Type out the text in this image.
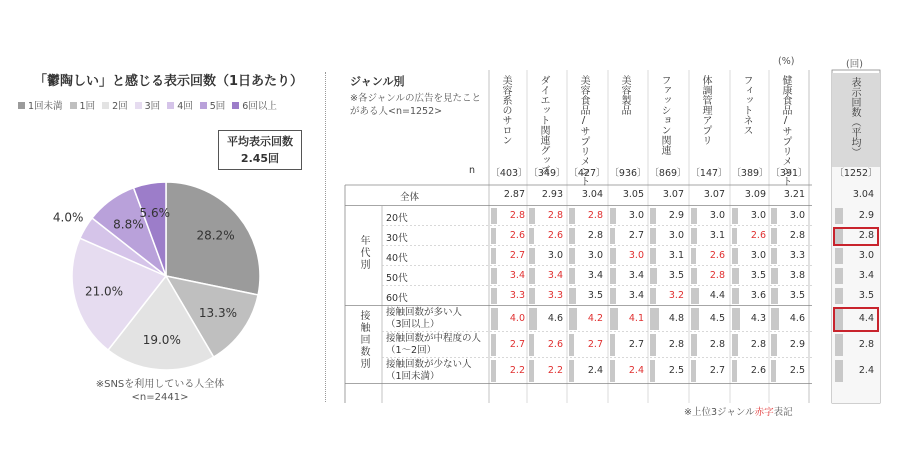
「鬱陶しい」と感じる表示回数（1日あたり）
1回未満 1回 2回 3回 4回 5回 6回以上
平均表示回数
2.45回
28.2%
13.3%
19.0%
21.0%
4.0% 8.8%
5.6%
※SNSを利用している人全体
<n=2441>
ジャンル別
※各ジャンルの広告を見たことがある人<n=1252>	美容系のサロン	ダイエット関連グッズ	美容食品/サプリメント	美容製品	ファッション関連	体調管理アプリ	フィットネス	健康食品/サプリメント	表示回数（平均）
(%)	(回)
n 〔403〕 〔349〕 〔427〕 〔936〕 〔869〕 〔147〕 〔389〕 〔391〕	〔1252〕
全体	2.87	2.93	3.04	3.05	3.07	3.07	3.09	3.21	3.04
20代	2.8	2.8	2.8	3.0	2.9	3.0	3.0	3.0	2.9
30代	2.6	2.6	2.8	2.7	3.0	3.1	2.6	2.8	2.8
40代	2.7	3.0	3.0	3.0	3.1	2.6	3.0	3.3	3.0
50代	3.4	3.4	3.4	3.4	3.5	2.8	3.5	3.8	3.4
60代	3.3	3.3	3.5	3.4	3.2	4.4	3.6	3.5	3.5
年代別
接触回数が多い人
（3回以上）
4.0	4.6	4.2	4.1	4.8	4.5	4.3	4.6	4.4
接触回数が中程度の人
（1～2回）
2.7	2.6	2.7	2.7	2.8	2.8	2.8	2.9	2.8
接触回数が少ない人
（1回未満）
2.2	2.2	2.4	2.4	2.5	2.7	2.6	2.5	2.4
接触回数別
※上位3ジャンル赤字表記
